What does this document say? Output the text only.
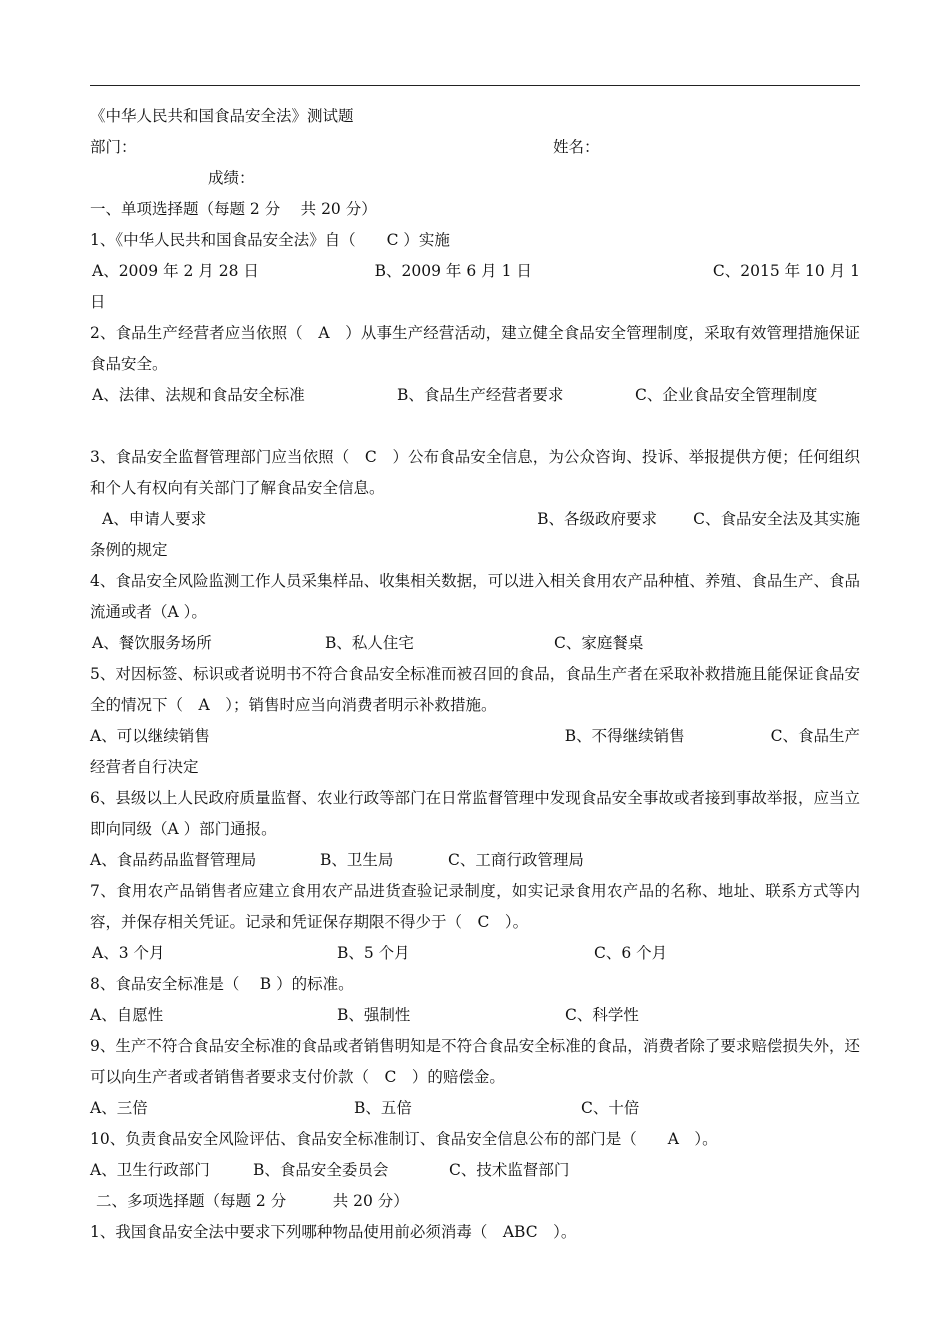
《中华人民共和国食品安全法》测试题
部门：	姓名：
成绩：
一、单项选择题（每题 2 分　 共 20 分）
1、《中华人民共和国食品安全法》自（　　C ）实施
A、2009 年 2 月 28 日	B、2009 年 6 月 1 日	C、2015 年 10 月 1
日
2、食品生产经营者应当依照（　A　）从事生产经营活动，建立健全食品安全管理制度，采取有效管理措施保证食品安全。
A、法律、法规和食品安全标准	B、食品生产经营者要求	C、企业食品安全管理制度
3、食品安全监督管理部门应当依照（　C　）公布食品安全信息，为公众咨询、投诉、举报提供方便；任何组织和个人有权向有关部门了解食品安全信息。
A、申请人要求	B、各级政府要求	C、食品安全法及其实施
条例的规定
4、食品安全风险监测工作人员采集样品、收集相关数据，可以进入相关食用农产品种植、养殖、食品生产、食品流通或者（A ）。
A、餐饮服务场所	B、私人住宅	C、家庭餐桌
5、对因标签、标识或者说明书不符合食品安全标准而被召回的食品，食品生产者在采取补救措施且能保证食品安全的情况下（　A　）；销售时应当向消费者明示补救措施。
A、可以继续销售	B、不得继续销售	C、食品生产
经营者自行决定
6、县级以上人民政府质量监督、农业行政等部门在日常监督管理中发现食品安全事故或者接到事故举报，应当立即向同级（A ）部门通报。
A、食品药品监督管理局	B、卫生局	C、工商行政管理局
7、食用农产品销售者应建立食用农产品进货查验记录制度，如实记录食用农产品的名称、地址、联系方式等内容，并保存相关凭证。记录和凭证保存期限不得少于（　C　）。
A、3 个月	B、5 个月	C、6 个月
8、食品安全标准是（　 B ）的标准。
A、自愿性	B、强制性	C、科学性
9、生产不符合食品安全标准的食品或者销售明知是不符合食品安全标准的食品，消费者除了要求赔偿损失外，还可以向生产者或者销售者要求支付价款（　C　）的赔偿金。
A、三倍	B、五倍	C、十倍
10、负责食品安全风险评估、食品安全标准制订、食品安全信息公布的部门是（　　A　）。
A、卫生行政部门	B、食品安全委员会	C、技术监督部门
二、多项选择题（每题 2 分　　　共 20 分）
1、我国食品安全法中要求下列哪种物品使用前必须消毒（　ABC　）。
